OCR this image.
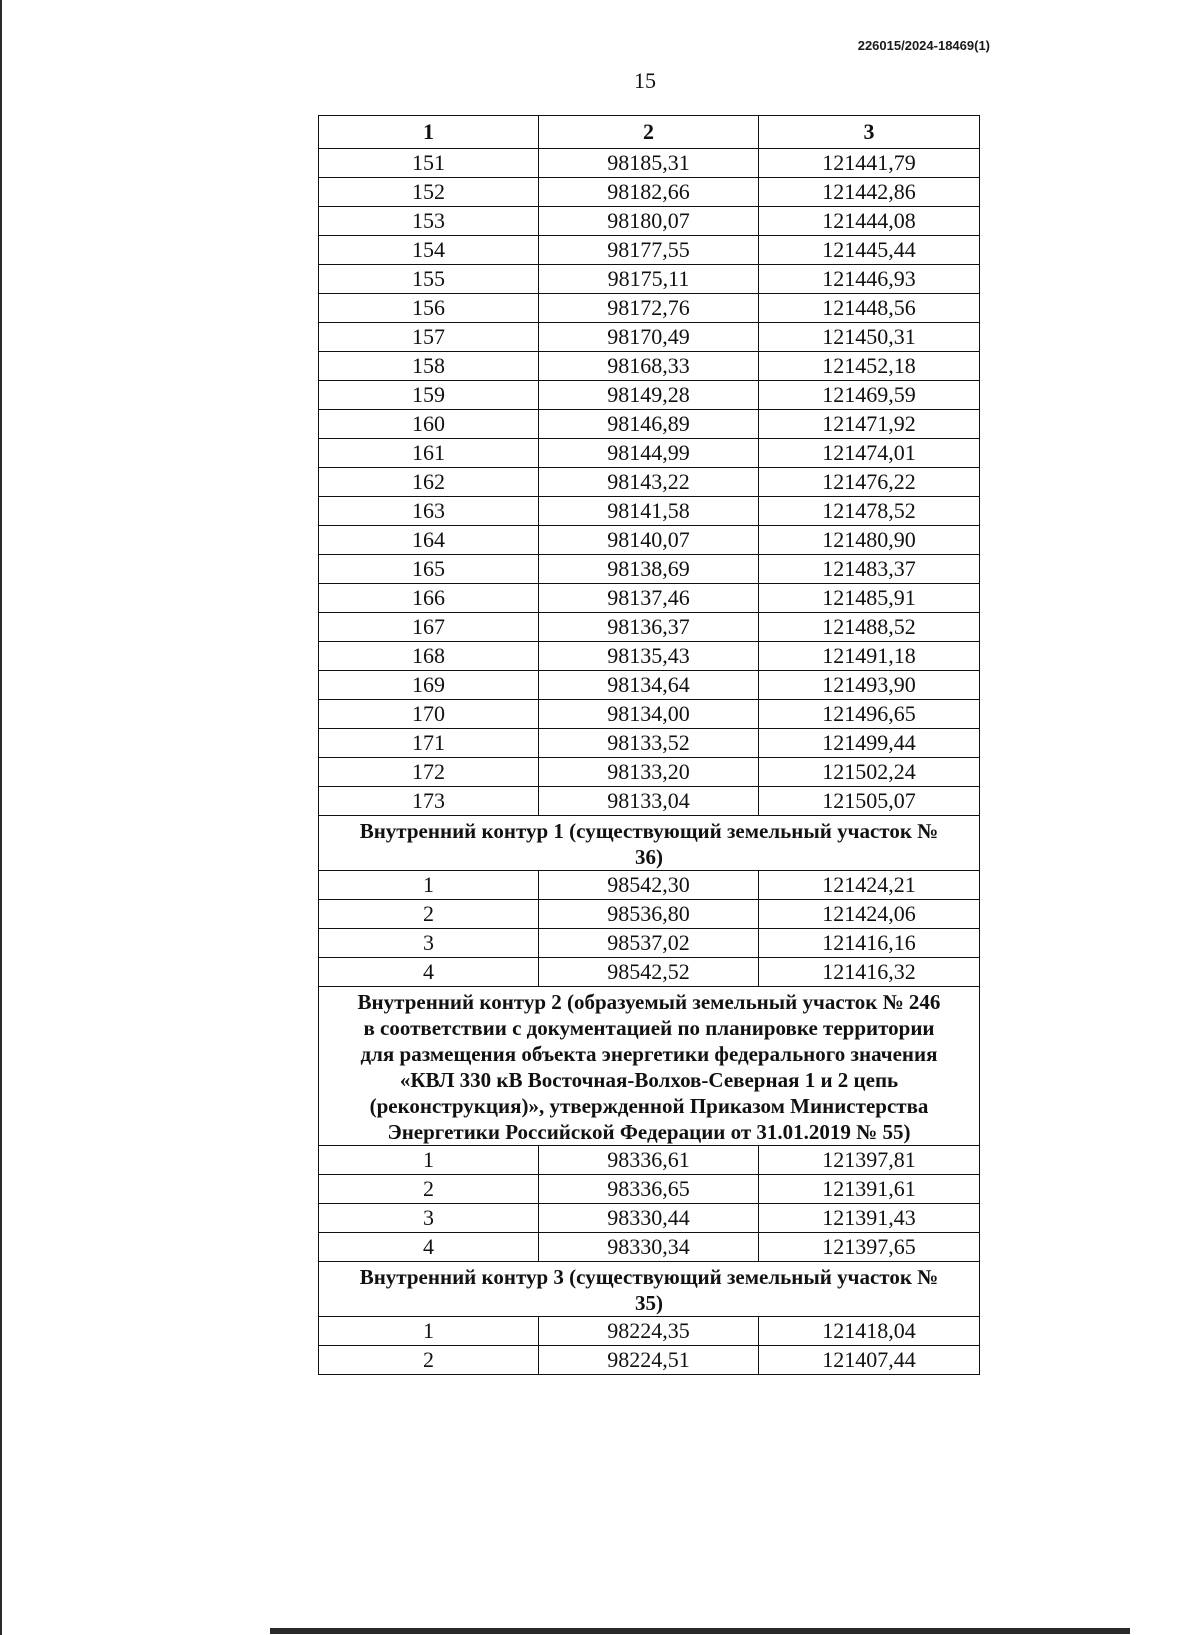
226015/2024-18469(1)
15
1	2	3
151	98185,31	121441,79
152	98182,66	121442,86
153	98180,07	121444,08
154	98177,55	121445,44
155	98175,11	121446,93
156	98172,76	121448,56
157	98170,49	121450,31
158	98168,33	121452,18
159	98149,28	121469,59
160	98146,89	121471,92
161	98144,99	121474,01
162	98143,22	121476,22
163	98141,58	121478,52
164	98140,07	121480,90
165	98138,69	121483,37
166	98137,46	121485,91
167	98136,37	121488,52
168	98135,43	121491,18
169	98134,64	121493,90
170	98134,00	121496,65
171	98133,52	121499,44
172	98133,20	121502,24
173	98133,04	121505,07
Внутренний контур 1 (существующий земельный участок № 36)		
1	98542,30	121424,21
2	98536,80	121424,06
3	98537,02	121416,16
4	98542,52	121416,32
Внутренний контур 2 (образуемый земельный участок № 246 в соответствии с документацией по планировке территории для размещения объекта энергетики федерального значения «КВЛ 330 кВ Восточная-Волхов-Северная 1 и 2 цепь (реконструкция)», утвержденной Приказом Министерства Энергетики Российской Федерации от 31.01.2019 № 55)		
1	98336,61	121397,81
2	98336,65	121391,61
3	98330,44	121391,43
4	98330,34	121397,65
Внутренний контур 3 (существующий земельный участок № 35)		
1	98224,35	121418,04
2	98224,51	121407,44
